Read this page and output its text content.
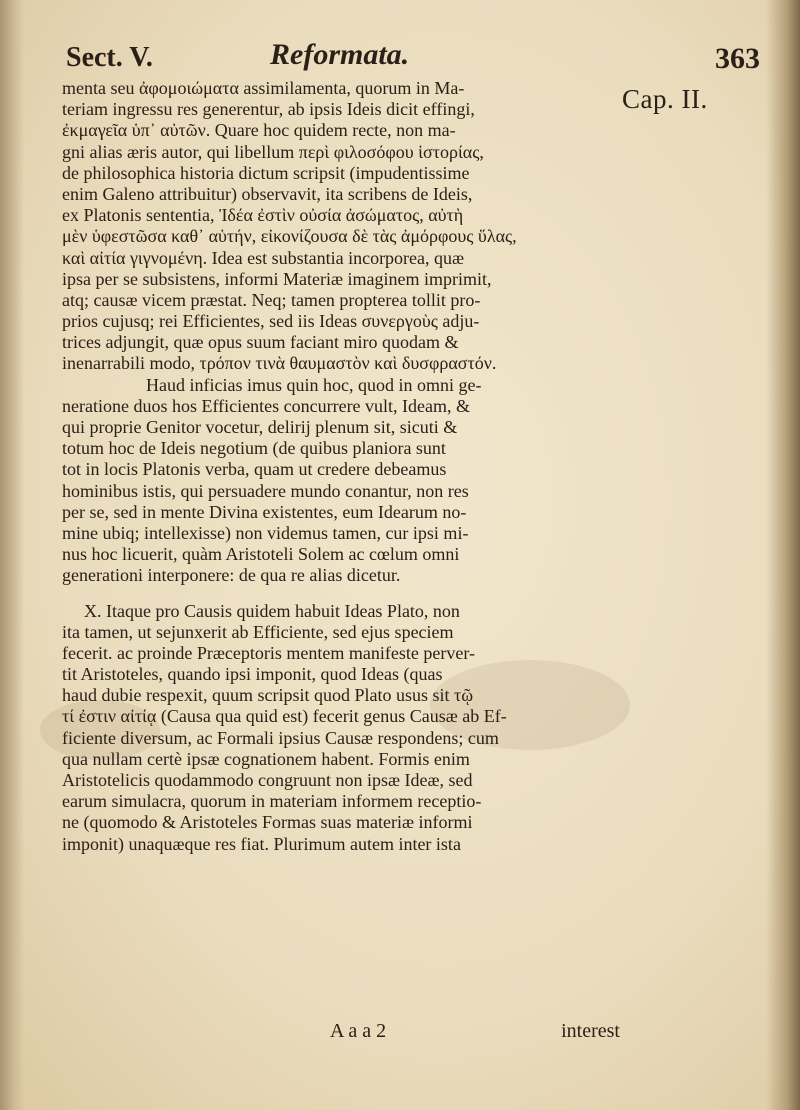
Sect. V.	Reformata.	363
Cap. II.
menta seu ἀφομοιώματα assimilamenta, quorum in Ma-
teriam ingressu res generentur, ab ipsis Ideis dicit effingi,
ἐκμαγεῖα ὑπ᾽ αὐτῶν. Quare hoc quidem recte, non ma-
gni alias æris autor, qui libellum περὶ φιλοσόφου ἱστορίας,
de philosophica historia dictum scripsit (impudentissime
enim Galeno attribuitur) observavit, ita scribens de Ideis,
ex Platonis sententia, Ἰδέα ἐστὶν οὐσία ἀσώματος, αὐτὴ
μὲν ὑφεστῶσα καθ᾽ αὑτήν, εἰκονίζουσα δὲ τὰς ἀμόρφους ὕλας,
καὶ αἰτία γιγνομένη. Idea est substantia incorporea, quæ
ipsa per se subsistens, informi Materiæ imaginem imprimit,
atq; causæ vicem præstat. Neq; tamen propterea tollit pro-
prios cujusq; rei Efficientes, sed iis Ideas συνεργοὺς adju-
trices adjungit, quæ opus suum faciant miro quodam &
inenarrabili modo, τρόπον τινὰ θαυμαστὸν καὶ δυσφραστόν.
Haud inficias imus quin hoc, quod in omni ge-
neratione duos hos Efficientes concurrere vult, Ideam, &
qui proprie Genitor vocetur, delirij plenum sit, sicuti &
totum hoc de Ideis negotium (de quibus planiora sunt
tot in locis Platonis verba, quam ut credere debeamus
hominibus istis, qui persuadere mundo conantur, non res
per se, sed in mente Divina existentes, eum Idearum no-
mine ubiq; intellexisse) non videmus tamen, cur ipsi mi-
nus hoc licuerit, quàm Aristoteli Solem ac cœlum omni
generationi interponere: de qua re alias dicetur.
X. Itaque pro Causis quidem habuit Ideas Plato, non
ita tamen, ut sejunxerit ab Efficiente, sed ejus speciem
fecerit. ac proinde Præceptoris mentem manifeste perver-
tit Aristoteles, quando ipsi imponit, quod Ideas (quas
haud dubie respexit, quum scripsit quod Plato usus sit τῷ
τί ἐστιν αἰτίᾳ (Causa qua quid est) fecerit genus Causæ ab Ef-
ficiente diversum, ac Formali ipsius Causæ respondens; cum
qua nullam certè ipsæ cognationem habent. Formis enim
Aristotelicis quodammodo congruunt non ipsæ Ideæ, sed
earum simulacra, quorum in materiam informem receptio-
ne (quomodo & Aristoteles Formas suas materiæ informi
imponit) unaquæque res fiat. Plurimum autem inter ista
A a a 2	interest
